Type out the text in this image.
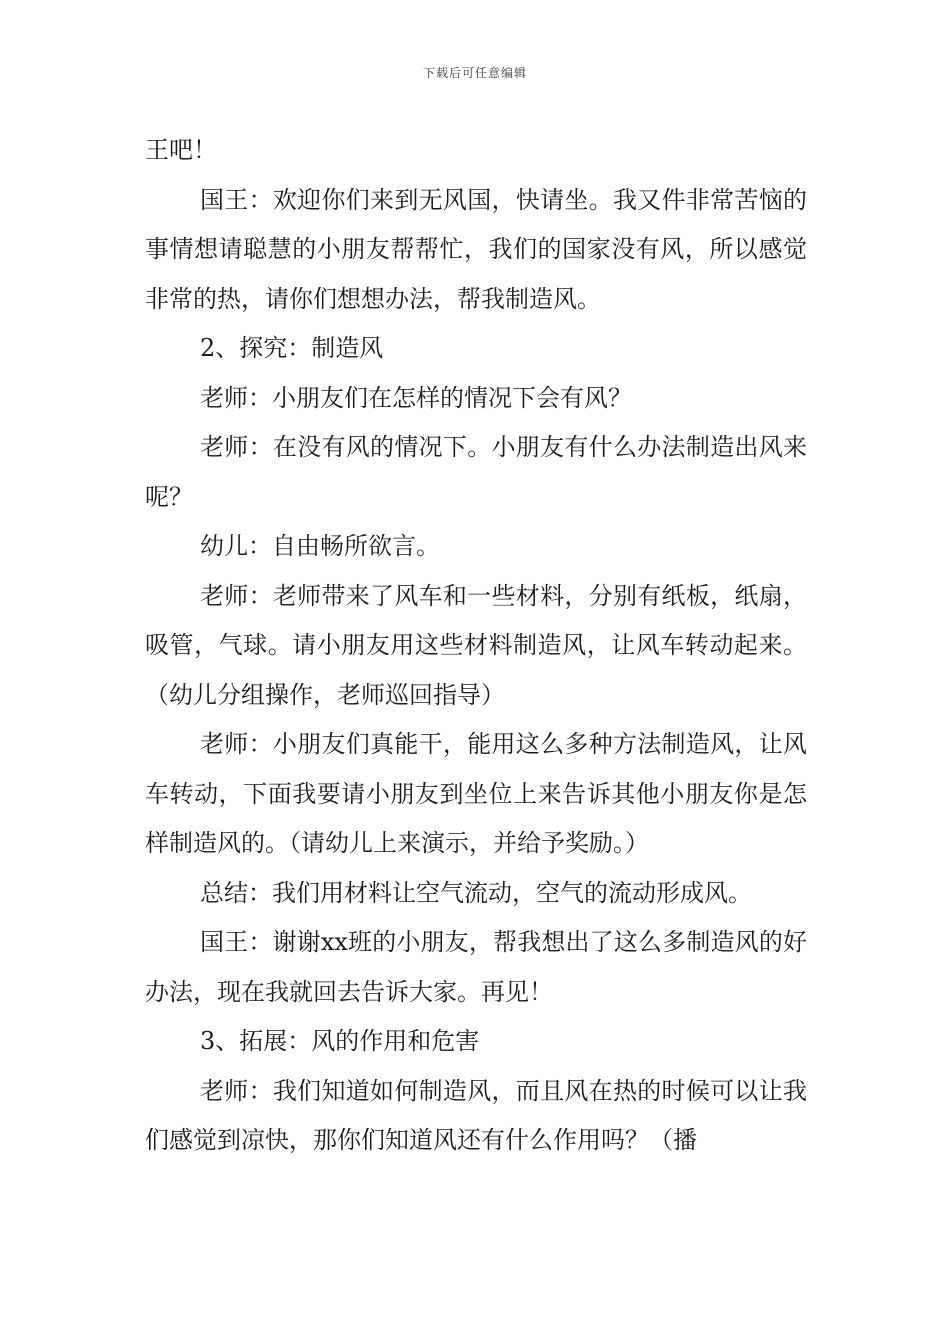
下载后可任意编辑

王吧！

国王：欢迎你们来到无风国，快请坐。我又件非常苦恼的事情想请聪慧的小朋友帮帮忙，我们的国家没有风，所以感觉非常的热，请你们想想办法，帮我制造风。

2、探究：制造风

老师：小朋友们在怎样的情况下会有风？

老师：在没有风的情况下。小朋友有什么办法制造出风来呢？

幼儿：自由畅所欲言。

老师：老师带来了风车和一些材料，分别有纸板，纸扇，吸管，气球。请小朋友用这些材料制造风，让风车转动起来。（幼儿分组操作，老师巡回指导）

老师：小朋友们真能干，能用这么多种方法制造风，让风车转动，下面我要请小朋友到坐位上来告诉其他小朋友你是怎样制造风的。（请幼儿上来演示，并给予奖励。）

总结：我们用材料让空气流动，空气的流动形成风。

国王：谢谢xx班的小朋友，帮我想出了这么多制造风的好办法，现在我就回去告诉大家。再见！

3、拓展：风的作用和危害

老师：我们知道如何制造风，而且风在热的时候可以让我们感觉到凉快，那你们知道风还有什么作用吗？（播
